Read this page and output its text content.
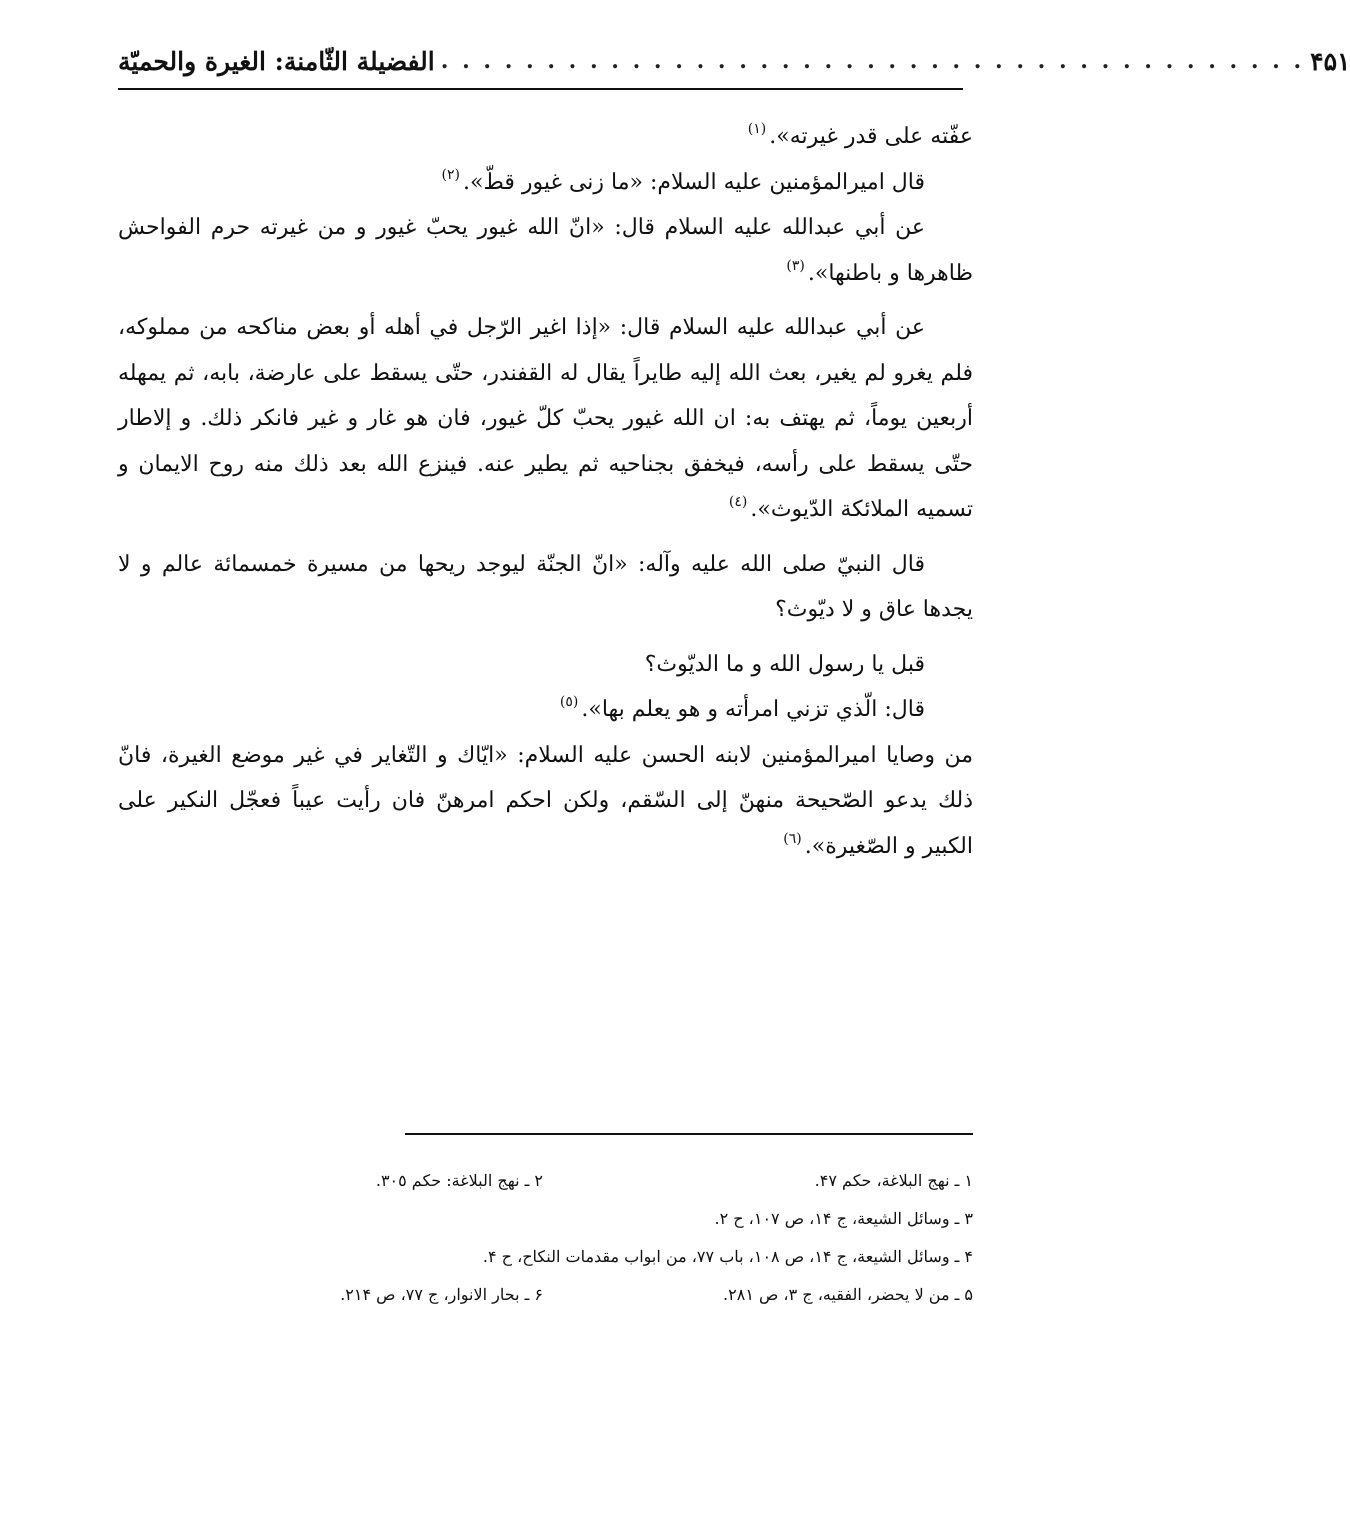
الفضيلة الثّامنة: الغيرة والحميّة . . . . . . . . . . . . . . . . . . . . . . . . . . . . . . . . . . . . . . . . . ۴۵۱

عفّته على قدر غيرته».$^{(١)}$

قال اميرالمؤمنين عليه السلام: «ما زنى غيور قطّ».$^{(٢)}$

عن أبي عبدالله عليه السلام قال: «انّ الله غيور يحبّ غيور و من غيرته حرم الفواحش ظاهرها و باطنها».$^{(٣)}$

عن أبي عبدالله عليه السلام قال: «إذا اغير الرّجل في أهله أو بعض مناكحه من مملوكه، فلم يغرو لم يغير، بعث الله إليه طايراً يقال له القفندر، حتّى يسقط على عارضة، بابه، ثم يمهله أربعين يوماً، ثم يهتف به: ان الله غيور يحبّ كلّ غيور، فان هو غار و غير فانكر ذلك. و إلاطار حتّى يسقط على رأسه، فيخفق بجناحيه ثم يطير عنه. فينزع الله بعد ذلك منه روح الايمان و تسميه الملائكة الدّيوث».$^{(٤)}$

قال النبيّ صلى الله عليه وآله: «انّ الجنّة ليوجد ريحها من مسيرة خمسمائة عالم و لا يجدها عاق و لا ديّوث؟

قبل يا رسول الله و ما الديّوث؟

قال: الّذي تزني امرأته و هو يعلم بها».$^{(٥)}$

من وصايا اميرالمؤمنين لابنه الحسن عليه السلام: «ايّاك و التّغاير في غير موضع الغيرة، فانّ ذلك يدعو الصّحيحة منهنّ إلى السّقم، ولكن احكم امرهنّ فان رأيت عيباً فعجّل النكير على الكبير و الصّغيرة».$^{(٦)}$

١ ـ نهج البلاغة، حكم ۴٧.
٢ ـ نهج البلاغة: حكم ٣٠٥.
٣ ـ وسائل الشيعة، ج ١۴، ص ١٠٧، ح ٢.
۴ ـ وسائل الشيعة، ج ١۴، ص ١٠٨، باب ٧٧، من ابواب مقدمات النكاح، ح ۴.
۵ ـ من لا يحضر، الفقيه، ج ٣، ص ٢٨١.
۶ ـ بحار الانوار، ج ٧٧، ص ٢١۴.
